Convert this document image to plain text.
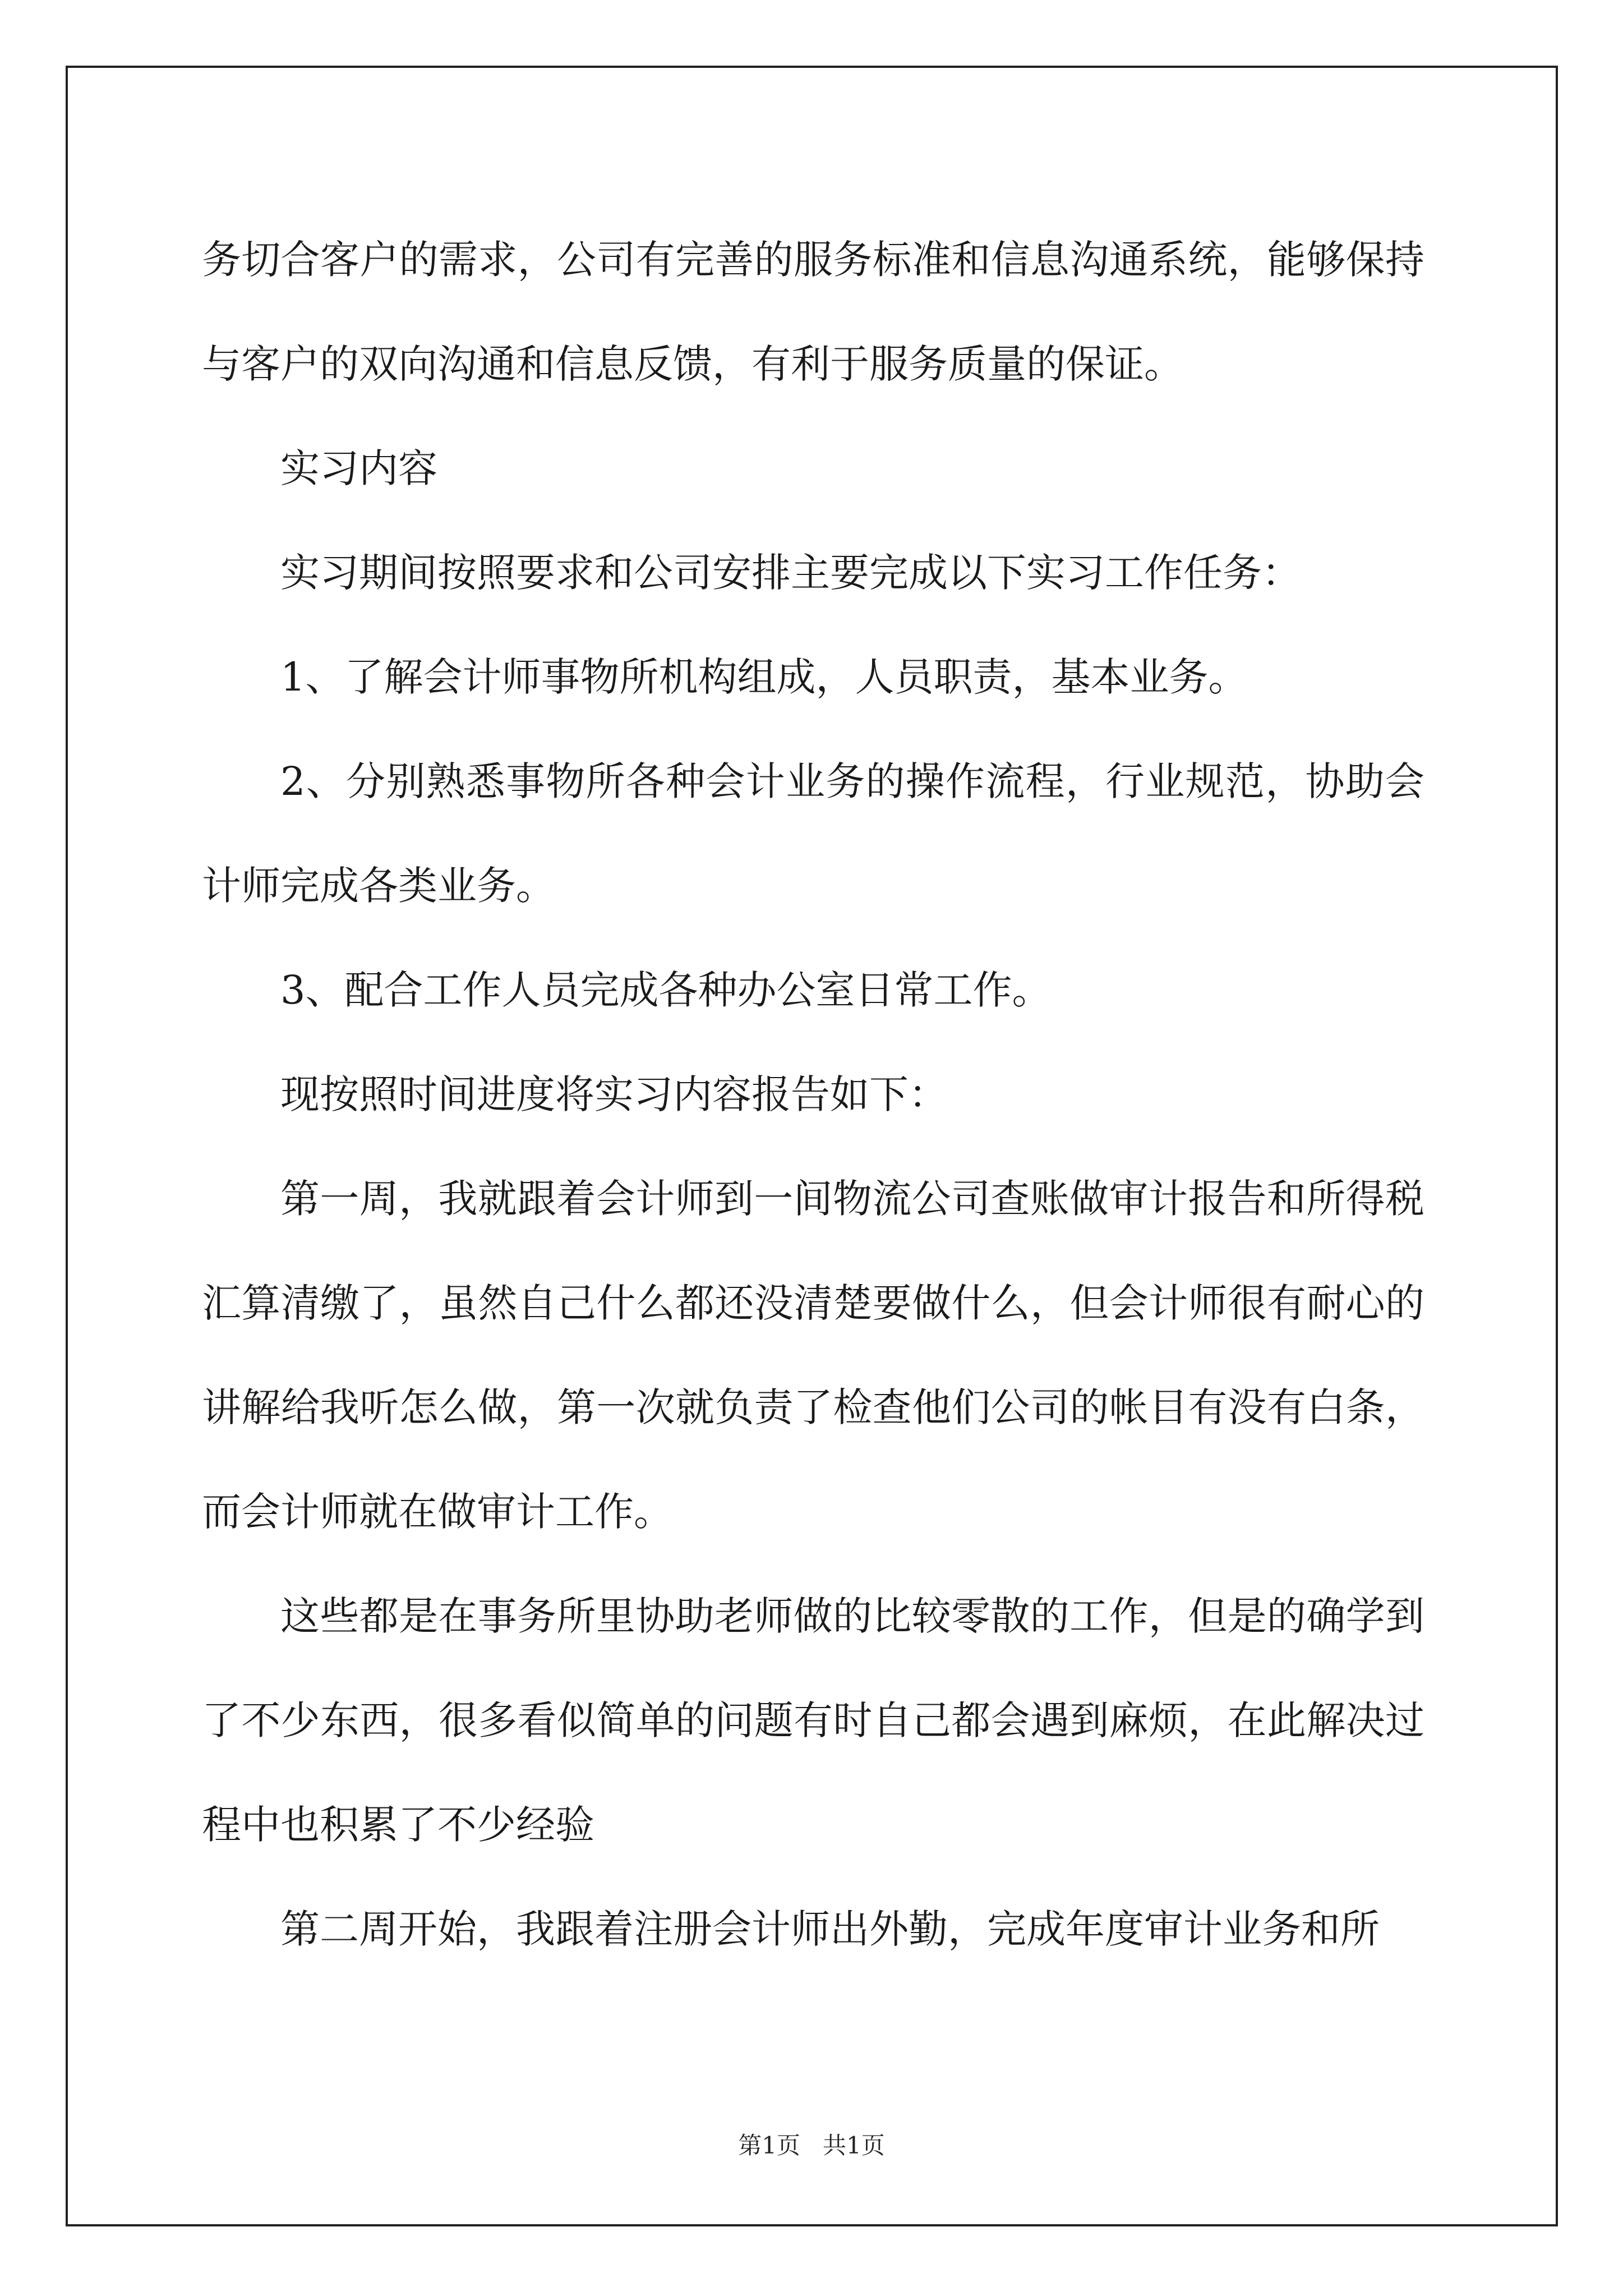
务切合客户的需求，公司有完善的服务标准和信息沟通系统，能够保持与客户的双向沟通和信息反馈，有利于服务质量的保证。

实习内容

实习期间按照要求和公司安排主要完成以下实习工作任务：

1、了解会计师事物所机构组成，人员职责，基本业务。

2、分别熟悉事物所各种会计业务的操作流程，行业规范，协助会计师完成各类业务。

3、配合工作人员完成各种办公室日常工作。

现按照时间进度将实习内容报告如下：

第一周，我就跟着会计师到一间物流公司查账做审计报告和所得税汇算清缴了，虽然自己什么都还没清楚要做什么，但会计师很有耐心的讲解给我听怎么做，第一次就负责了检查他们公司的帐目有没有白条，而会计师就在做审计工作。

这些都是在事务所里协助老师做的比较零散的工作，但是的确学到了不少东西，很多看似简单的问题有时自己都会遇到麻烦，在此解决过程中也积累了不少经验

第二周开始，我跟着注册会计师出外勤，完成年度审计业务和所

第1页   共1页
